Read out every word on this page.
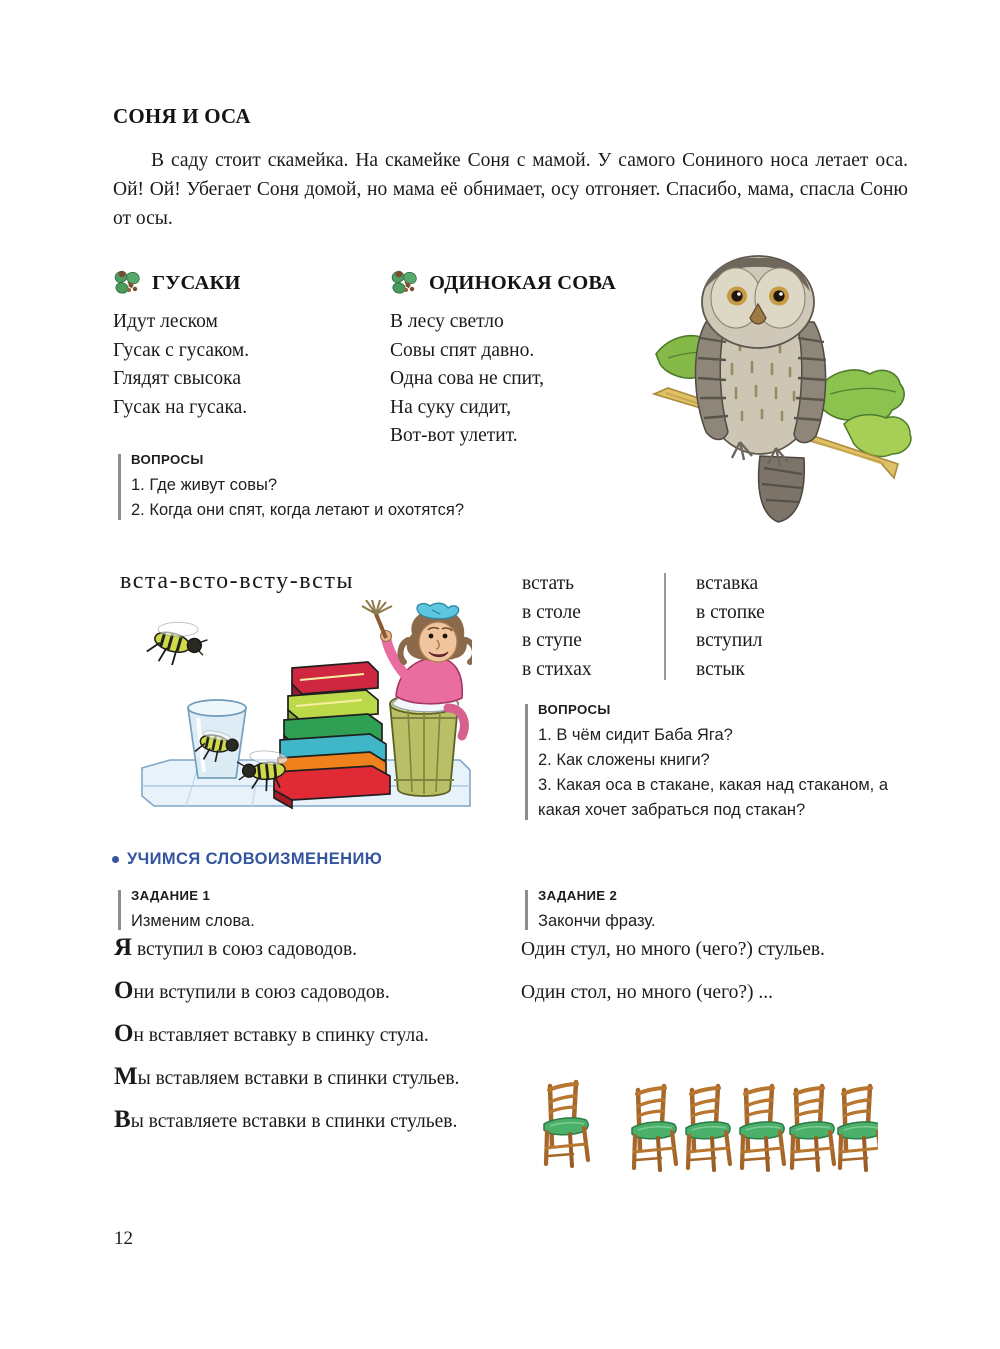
СОНЯ И ОСА
В саду стоит скамейка. На скамейке Соня с мамой. У самого Сониного носа летает оса. Ой! Ой! Убегает Соня домой, но мама её обнимает, осу отгоняет. Спасибо, мама, спасла Соню от осы.
ГУСАКИ
Идут леском
Гусак с гусаком.
Глядят свысока
Гусак на гусака.
ОДИНОКАЯ СОВА
В лесу светло
Совы спят давно.
Одна сова не спит,
На суку сидит,
Вот-вот улетит.
ВОПРОСЫ
1. Где живут совы?
2. Когда они спят, когда летают и охотятся?
вста-всто-всту-всты	встать
в столе
в ступе
в стихах
вставка
в стопке
вступил
встык
ВОПРОСЫ
1. В чём сидит Баба Яга?
2. Как сложены книги?
3. Какая оса в стакане, какая над стаканом, а какая хочет забраться под стакан?
УЧИМСЯ СЛОВОИЗМЕНЕНИЮ
ЗАДАНИЕ 1
Изменим слова.

Я вступил в союз садоводов.

Они вступили в союз садоводов.

Он вставляет вставку в спинку стула.

Мы вставляем вставки в спинки стульев.

Вы вставляете вставки в спинки стульев.

ЗАДАНИЕ 2
Закончи фразу.

Один стул, но много (чего?) стульев.

Один стол, но много (чего?) ...

12
